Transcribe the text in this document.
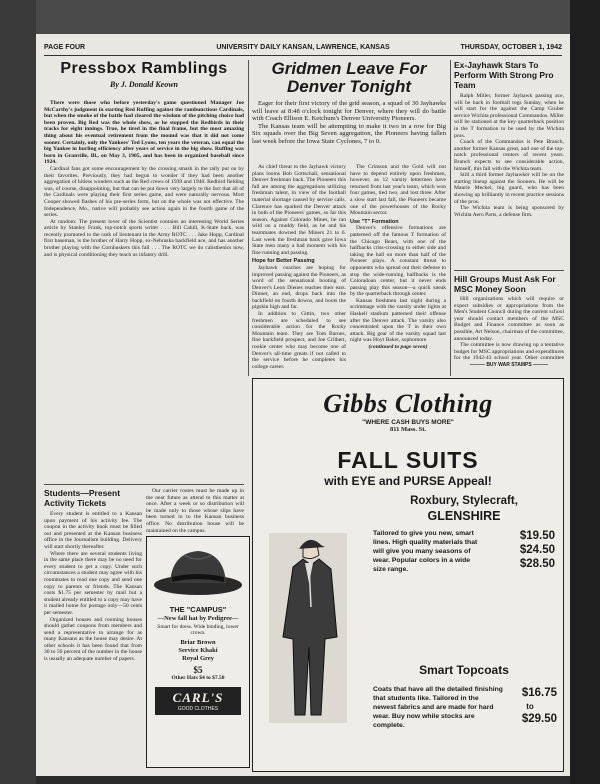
PAGE FOUR	UNIVERSITY DAILY KANSAN, LAWRENCE, KANSAS	THURSDAY, OCTOBER 1, 1942
Pressbox Ramblings
By J. Donald Keown

There were those who before yesterday's game questioned Manager Joe McCarthy's judgment in starting Red Ruffing against the rambunctious Cardinals, but when the smoke of the battle had cleared the wisdom of the pitching choice had been proven. Big Red was the whole show, as he stopped the Redbirds in their tracks for eight innings. True, he tired in the final frame, but the most amazing thing about his eventual retirement from the mound was that it did not come sooner. Certainly, only the Yankees' Ted Lyons, ten years the veteran, can equal the big Yankee in hurling efficiency after years of service in the big show. Ruffing was born in Granville, Ill., on May 3, 1905, and has been in organized baseball since 1924.

Cardinal fans got some encouragement by the crossing smash in the rally put on by their favorites. Previously, they had begun to wonder if they had been another aggregation of hitless wonders such as the Red crews of 1939 and 1940. Redbird fielding was, of course, disappointing, but that can be put down very largely to the fact that all of the Cardinals were playing their first series game, and were naturally nervous. Mort Cooper showed flashes of his pre-series form, but on the whole was not effective. The Independence, Mo., native will probably see action again in the fourth game of the series.

At random: The present lover of the Scientist contains an interesting World Series article by Stanley Frank, top-notch sports writer . . . Bill Cahill, K-State back, was recently promoted to the rank of lieutenant in the Army ROTC . . . Jake Hopp, Cardinal first baseman, is the brother of Harry Hopp, ex-Nebraska backfield ace, and has another brother playing with the Cornhuskers this fall . . . The ROTC we do calisthenics now, and is physical conditioning they teach us infantry drill.

Students—Present Activity Tickets

Every student is entitled to a Kansan upon payment of his activity fee. The coupon in the activity book must be filled out and presented at the Kansan business office in the Journalism building. Delivery will start shortly thereafter.

Where there are several students living in the same place there may be no need for every student to get a copy. Under such circumstances a student may agree with his roommates to read one copy and send one copy to parents or friends. The Kansan costs $1.75 per semester by mail but a student already entitled to a copy may have it mailed home for postage only—50 cents per semester.

Organized houses and rooming houses should gather coupons from members and send a representative to arrange for as many Kansans as the house may desire. At other schools it has been found that from 30 to 50 percent of the number in the house is usually an adequate number of papers.

Our carrier routes must be made up in the near future as attend to this matter at once. After a week or so distribution will be made only to those whose slips have been turned in to the Kansan business office. No distribution house will be maintained on the campus.

THE "CAMPUS"
—New fall hat by Pedigree—
Smart for dress. Wide binding, lower crown.
Briar Brown
Service Khaki
Royal Grey
$5
Other Hats $4 to $7.50
CARL'S
GOOD CLOTHES
Gridmen Leave For Denver Tonight

Eager for their first victory of the grid season, a squad of 30 Jayhawks will leave at 8:48 o'clock tonight for Denver, where they will do battle with Coach Ellison E. Ketchum's Denver University Pioneers.

The Kansas team will be attempting to make it two in a row for Big Six squads over the Big Seven aggregation, the Pioneers having fallen last week before the Iowa State Cyclones, 7 to 0.

As chief threat to the Jayhawk victory plans looms Bob Gottschall, sensational Denver freshman back. The Pioneers this fall are among the aggregations utilizing freshman talent, in view of the football material shortage caused by service calls. Clarence has sparked the Denver attack in both of the Pioneers' games, so far this season. Against Colorado Mines, he ran wild on a muddy field, as he and his teammates downed the Miners 21 to 6. Last week the freshman back gave Iowa State men many a bad moment with his fine running and passing.

Hope for Better Passing

Jayhawk coaches are hoping for improved passing against the Pioneers, as word of the sensational booting of Denver's Leon Dienes reaches their ears. Dinner, an end, drops back into the backfield on fourth downs, and boots the pigskin high and far.

In addition to Gittin, two other freshmen are scheduled to see considerable action for the Rocky Mountain team. They are Tom Barnes, fine backfield prospect, and Joe Crilhert, rookie center who may become one of Denver's all-time greats if not called to the service before he completes his college career.

The Crimson and the Gold will not have to depend entirely upon freshmen, however, as 12 varsity lettermen have returned from last year's team, which won four games, tied two, and lost three. After a slow start last fall, the Pioneers became one of the powerhouses of the Rocky Mountain sector.

Use "T" Formation

Denver's offensive formations are patterned off the famous T formation of the Chicago Bears, with one of the halfbacks criss-crossing to either side and taking the ball on more than half of the Pioneer plays. A constant threat to opponents who spread out their defense to stop the wide-running halfbacks is the Coloradoan center, but it never ends passing play this season—a quick sneak by the quarterback through center.

Kansas freshmen last night during a scrimmage with the varsity under lights at Haskell stadium patterned their offense after the Denver attack. The varsity also concentrated upon the T in their own attack. Big gear of the varsity squad last night was Hoyt Baker, sophomore

(continued to page seven)
Ex-Jayhawk Stars To Perform With Strong Pro Team

Ralph Miller, former Jayhawk passing ace, will be back in football togs Sunday, when he will start for the against the Camp Gruber service Wichita professional Commandos. Miller will be stationed at the key quarterback position in the T formation to be used by the Wichita pros.

Coach of the Commandos is Pete Branch, another former Kansas great, and one of the top-notch professional centers of recent years. Branch expects to see considerable action, himself, this fall with the Wichita team.

Still a third former Jayhawker will be on the starting lineup against the Sooners. He will be Maurie Meckel, big guard, who has been showing up brilliantly in recent practice sessions of the pros.

The Wichita team is being sponsored by Wichita Aero Parts, a defense firm.

Hill Groups Must Ask For MSC Money Soon

Hill organizations which will require or expect subsidies or appropriations from the Men's Student Council during the current school year should contact members of the MSC Budget and Finance committee as soon as possible, Art Nelson, chairman of the committee, announced today.

The committee is now drawing up a tentative budget for MSC appropriations and expenditures for the 1942-43 school year. Other committee

——— BUY WAR STAMPS ———
Gibbs Clothing
"WHERE CASH BUYS MORE"
811 Mass. St.
FALL SUITS
with EYE and PURSE Appeal!
Roxbury, Stylecraft,
GLENSHIRE
Tailored to give you new, smart lines. High quality materials that will give you many seasons of wear. Popular colors in a wide size range.
$19.50
$24.50
$28.50
Smart Topcoats
Coats that have all the detailed finishing that students like. Tailored in the newest fabrics and are made for hard wear. Buy now while stocks are complete.
$16.75
to
$29.50
